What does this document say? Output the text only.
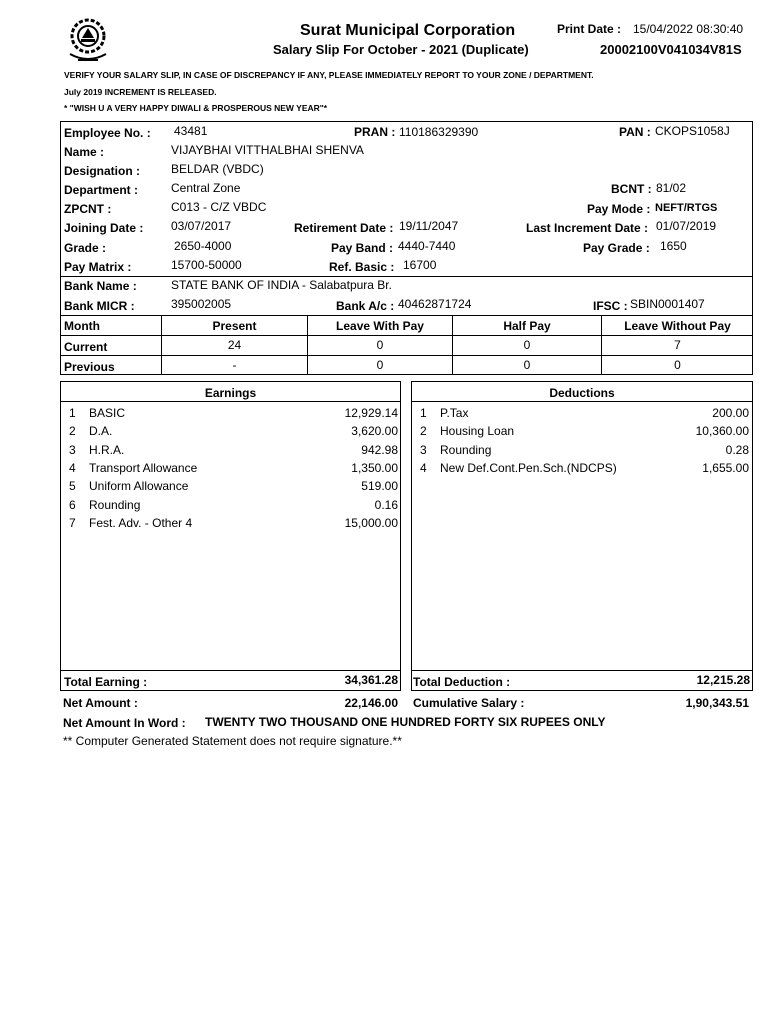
Surat Municipal Corporation
Salary Slip For October - 2021 (Duplicate)
Print Date : 15/04/2022 08:30:40
20002100V041034V81S
VERIFY YOUR SALARY SLIP, IN CASE OF DISCREPANCY IF ANY, PLEASE IMMEDIATELY REPORT TO YOUR ZONE / DEPARTMENT.
July 2019 INCREMENT IS RELEASED.
* "WISH U A VERY HAPPY DIWALI & PROSPEROUS NEW YEAR"*
Employee No. : 43481	PRAN : 110186329390	PAN : CKOPS1058J
Name :	VIJAYBHAI VITTHALBHAI SHENVA
Designation :	BELDAR (VBDC)
Department :	Central Zone	BCNT : 81/02
ZPCNT :	C013 - C/Z VBDC	Pay Mode : NEFT/RTGS
Joining Date : 03/07/2017	Retirement Date : 19/11/2047	Last Increment Date : 01/07/2019
Grade :	2650-4000	Pay Band : 4440-7440	Pay Grade : 1650
Pay Matrix :	15700-50000	Ref. Basic : 16700
Bank Name :	STATE BANK OF INDIA - Salabatpura Br.
Bank MICR :	395002005	Bank A/c : 40462871724	IFSC : SBIN0001407
Month	Present	Leave With Pay	Half Pay	Leave Without Pay
Current	24	0	0	7
Previous	-	0	0	0
Earnings
1 BASIC	12,929.14
2 D.A.	3,620.00
3 H.R.A.	942.98
4 Transport Allowance	1,350.00
5 Uniform Allowance	519.00
6 Rounding	0.16
7 Fest. Adv. - Other 4	15,000.00
Total Earning :	34,361.28
Deductions
1 P.Tax	200.00
2 Housing Loan	10,360.00
3 Rounding	0.28
4 New Def.Cont.Pen.Sch.(NDCPS)	1,655.00
Total Deduction :	12,215.28
Net Amount :	22,146.00 Cumulative Salary :	1,90,343.51
Net Amount In Word : TWENTY TWO THOUSAND ONE HUNDRED FORTY SIX RUPEES ONLY
** Computer Generated Statement does not require signature.**
